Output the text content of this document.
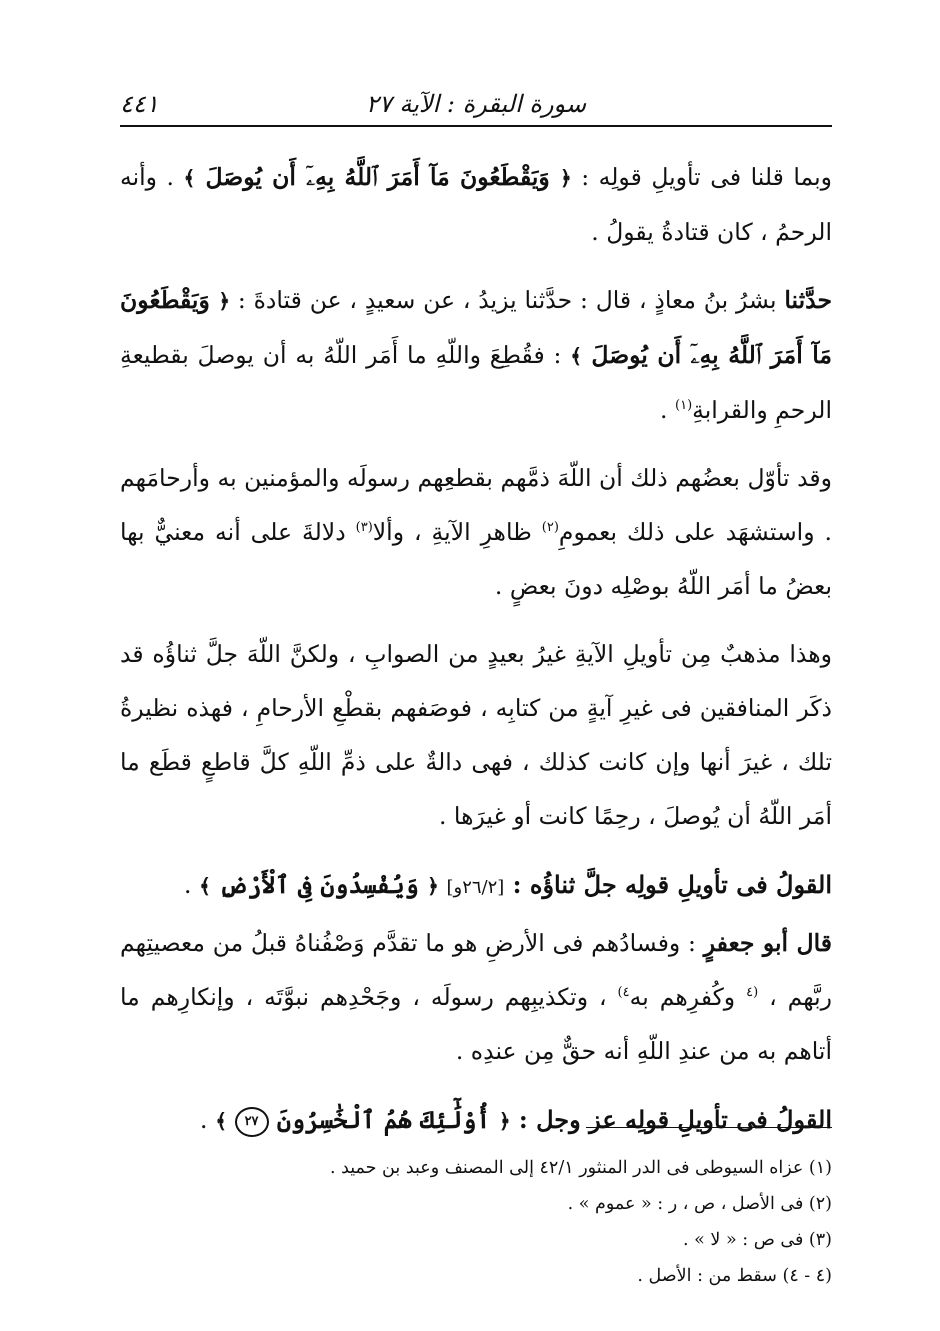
سورة البقرة : الآية ٢٧
٤٤١

وبما قلنا فى تأويلِ قولِه : ﴿ وَيَقْطَعُونَ مَآ أَمَرَ ٱللَّهُ بِهِۦٓ أَن يُوصَلَ ﴾ . وأنه الرحمُ ، كان قتادةُ يقولُ .

حدَّثنا بشرُ بنُ معاذٍ ، قال : حدَّثنا يزيدُ ، عن سعيدٍ ، عن قتادةَ : ﴿ وَيَقْطَعُونَ مَآ أَمَرَ ٱللَّهُ بِهِۦٓ أَن يُوصَلَ ﴾ : فقُطِعَ واللّهِ ما أَمَر اللّهُ به أن يوصلَ بقطيعةِ الرحمِ والقرابةِ$^{(١)}$ .

وقد تأوّل بعضُهم ذلك أن اللّهَ ذمَّهم بقطعِهم رسولَه والمؤمنين به وأرحامَهم . واستشهَد على ذلك بعمومِ$^{(٢)}$ ظاهرِ الآيةِ ، وألا$^{(٣)}$ دلالةَ على أنه معنيٌّ بها بعضُ ما أمَر اللّهُ بوصْلِه دونَ بعضٍ .

وهذا مذهبٌ مِن تأويلِ الآيةِ غيرُ بعيدٍ من الصوابِ ، ولكنَّ اللّهَ جلَّ ثناؤُه قد ذكَر المنافقين فى غيرِ آيةٍ من كتابِه ، فوصَفهم بقطْعِ الأرحامِ ، فهذه نظيرةُ تلك ، غيرَ أنها وإن كانت كذلك ، فهى دالةٌ على ذمِّ اللّهِ كلَّ قاطعٍ قطَع ما أمَر اللّهُ أن يُوصلَ ، رحِمًا كانت أو غيرَها .

القولُ فى تأويلِ قولِه جلَّ ثناؤُه : [٢٦/٢و] ﴿ وَيُفْسِدُونَ فِى ٱلْأَرْضِ ﴾ .

قال أبو جعفرٍ : وفسادُهم فى الأرضِ هو ما تقدَّم وَصْفُناهُ قبلُ من معصيتِهم ربَّهم ، $^{(٤}$ وكُفرِهم به$^{٤)}$ ، وتكذيبِهم رسولَه ، وجَحْدِهم نبوَّتَه ، وإنكارِهم ما أتاهم به من عندِ اللّهِ أنه حقٌّ مِن عندِه .

القولُ فى تأويلِ قولِه عز وجل : ﴿ أُوْلَٰٓئِكَ هُمُ ٱلْخَٰسِرُونَ ٢٧ ﴾ .

(١) عزاه السيوطى فى الدر المنثور ٤٢/١ إلى المصنف وعبد بن حميد .

(٢) فى الأصل ، ص ، ر : « عموم » .

(٣) فى ص : « لا » .

(٤ - ٤) سقط من : الأصل .
